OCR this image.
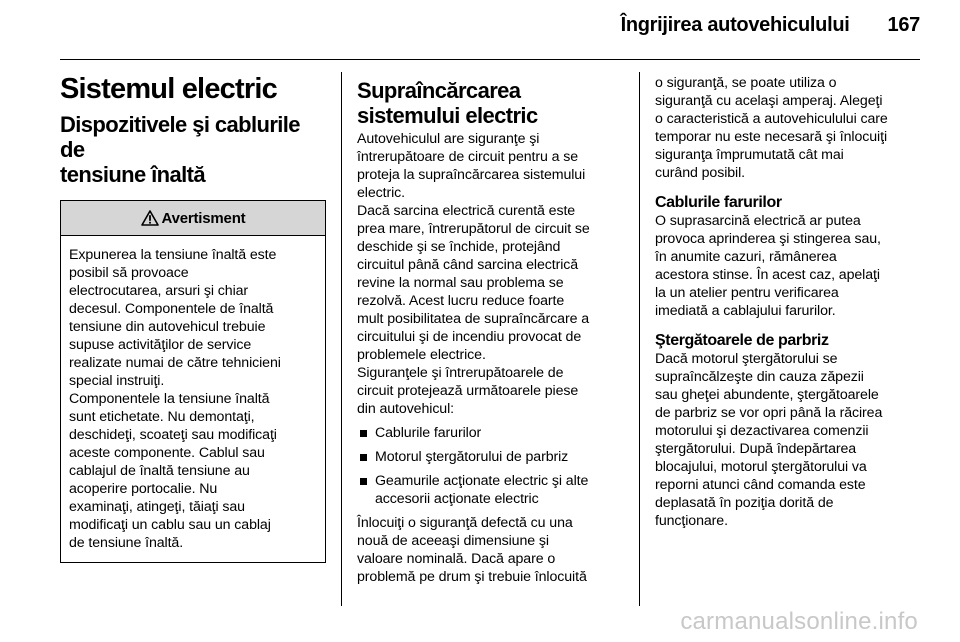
Îngrijirea autovehiculului 167
Sistemul electric
Dispozitivele şi cablurile de
tensiune înaltă
Avertisment

Expunerea la tensiune înaltă este
posibil să provoace
electrocutarea, arsuri şi chiar
decesul. Componentele de înaltă
tensiune din autovehicul trebuie
supuse activităţilor de service
realizate numai de către tehnicieni
special instruiţi.

Componentele la tensiune înaltă
sunt etichetate. Nu demontaţi,
deschideţi, scoateţi sau modificaţi
aceste componente. Cablul sau
cablajul de înaltă tensiune au
acoperire portocalie. Nu
examinaţi, atingeţi, tăiaţi sau
modificaţi un cablu sau un cablaj
de tensiune înaltă.

Supraîncărcarea
sistemului electric

Autovehiculul are siguranţe şi
întrerupătoare de circuit pentru a se
proteja la supraîncărcarea sistemului
electric.

Dacă sarcina electrică curentă este
prea mare, întrerupătorul de circuit se
deschide şi se închide, protejând
circuitul până când sarcina electrică
revine la normal sau problema se
rezolvă. Acest lucru reduce foarte
mult posibilitatea de supraîncărcare a
circuitului şi de incendiu provocat de
problemele electrice.

Siguranţele şi întrerupătoarele de
circuit protejează următoarele piese
din autovehicul:

Cablurile farurilor
Motorul ştergătorului de parbriz
Geamurile acţionate electric şi alte
accesorii acţionate electric

Înlocuiţi o siguranţă defectă cu una
nouă de aceeaşi dimensiune şi
valoare nominală. Dacă apare o
problemă pe drum şi trebuie înlocuită

o siguranţă, se poate utiliza o
siguranţă cu acelaşi amperaj. Alegeţi
o caracteristică a autovehiculului care
temporar nu este necesară şi înlocuiţi
siguranţa împrumutată cât mai
curând posibil.

Cablurile farurilor

O suprasarcină electrică ar putea
provoca aprinderea şi stingerea sau,
în anumite cazuri, rămânerea
acestora stinse. În acest caz, apelaţi
la un atelier pentru verificarea
imediată a cablajului farurilor.

Ştergătoarele de parbriz

Dacă motorul ştergătorului se
supraîncălzeşte din cauza zăpezii
sau gheţei abundente, ştergătoarele
de parbriz se vor opri până la răcirea
motorului şi dezactivarea comenzii
ştergătorului. După îndepărtarea
blocajului, motorul ştergătorului va
reporni atunci când comanda este
deplasată în poziţia dorită de
funcţionare.

carmanualsonline.info
